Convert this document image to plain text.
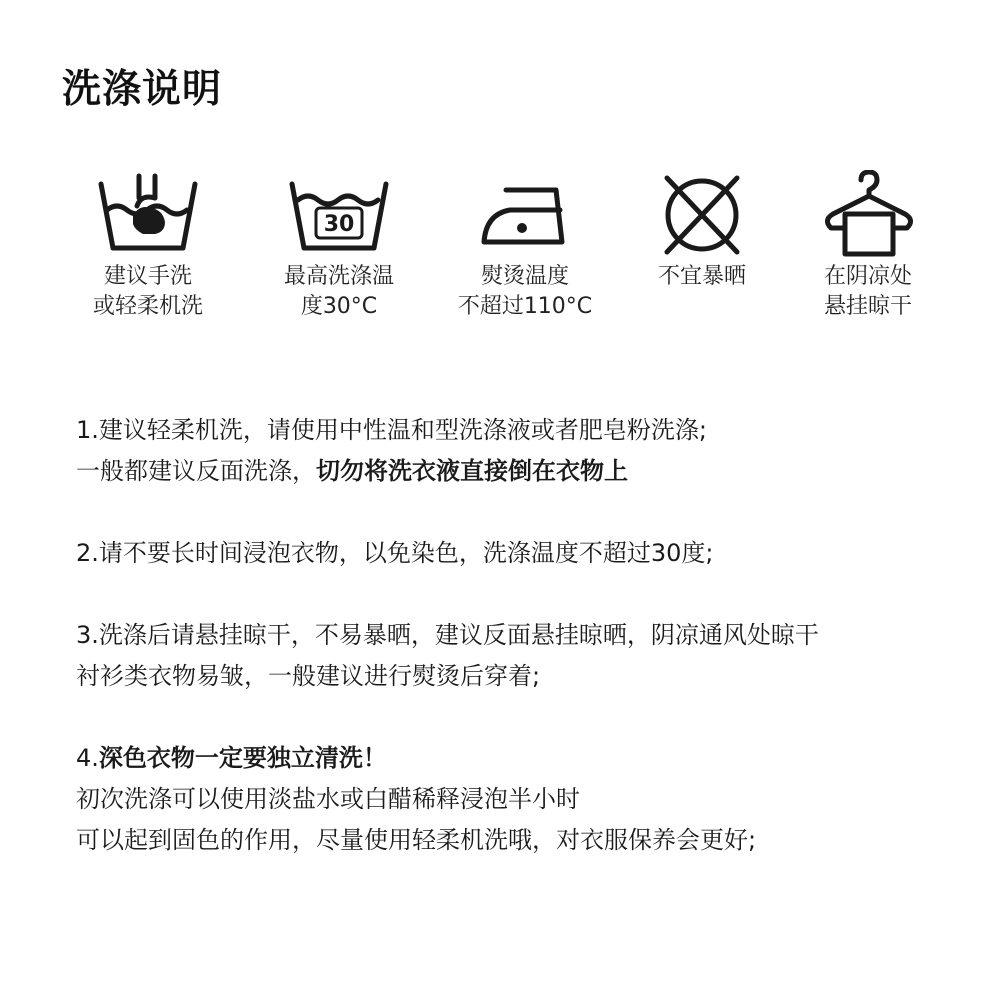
洗涤说明
建议手洗
或轻柔机洗
30
最高洗涤温
度30°C
熨烫温度
不超过110°C
不宜暴晒	在阴凉处
悬挂晾干

1.建议轻柔机洗，请使用中性温和型洗涤液或者肥皂粉洗涤;

一般都建议反面洗涤，切勿将洗衣液直接倒在衣物上

2.请不要长时间浸泡衣物，以免染色，洗涤温度不超过30度;

3.洗涤后请悬挂晾干，不易暴晒，建议反面悬挂晾晒，阴凉通风处晾干

衬衫类衣物易皱，一般建议进行熨烫后穿着;

4.深色衣物一定要独立清洗！

初次洗涤可以使用淡盐水或白醋稀释浸泡半小时

可以起到固色的作用，尽量使用轻柔机洗哦，对衣服保养会更好;
